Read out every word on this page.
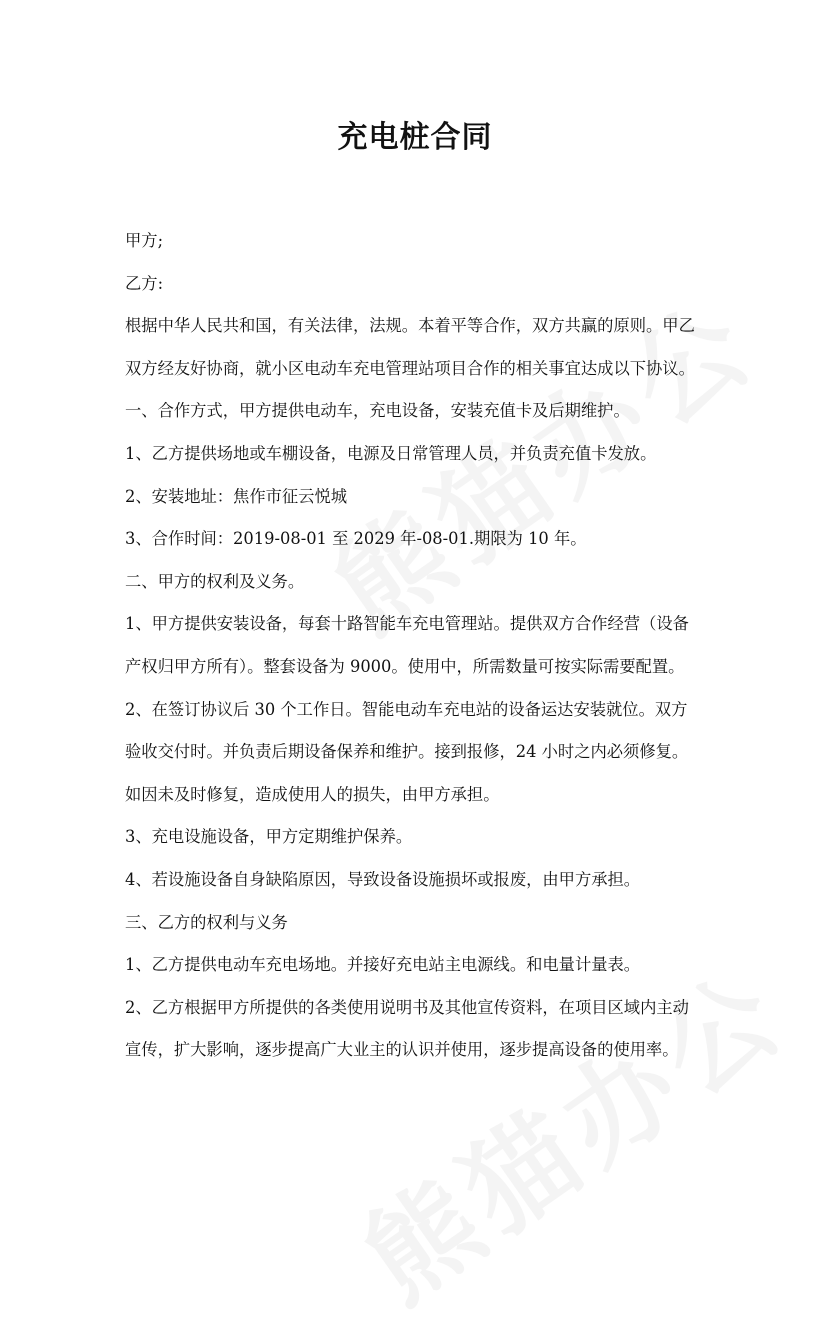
充电桩合同

甲方;

乙方:

根据中华人民共和国，有关法律，法规。本着平等合作，双方共赢的原则。甲乙

双方经友好协商，就小区电动车充电管理站项目合作的相关事宜达成以下协议。

一、合作方式，甲方提供电动车，充电设备，安装充值卡及后期维护。

1、乙方提供场地或车棚设备，电源及日常管理人员，并负责充值卡发放。

2、安装地址：焦作市征云悦城

3、合作时间：2019-08-01 至 2029 年-08-01.期限为 10 年。

二、甲方的权利及义务。

1、甲方提供安装设备，每套十路智能车充电管理站。提供双方合作经营（设备

产权归甲方所有）。整套设备为 9000。使用中，所需数量可按实际需要配置。

2、在签订协议后 30 个工作日。智能电动车充电站的设备运达安装就位。双方

验收交付时。并负责后期设备保养和维护。接到报修，24 小时之内必须修复。

如因未及时修复，造成使用人的损失，由甲方承担。

3、充电设施设备，甲方定期维护保养。

4、若设施设备自身缺陷原因，导致设备设施损坏或报废，由甲方承担。

三、乙方的权利与义务

1、乙方提供电动车充电场地。并接好充电站主电源线。和电量计量表。

2、乙方根据甲方所提供的各类使用说明书及其他宣传资料，在项目区域内主动

宣传，扩大影响，逐步提高广大业主的认识并使用，逐步提高设备的使用率。
